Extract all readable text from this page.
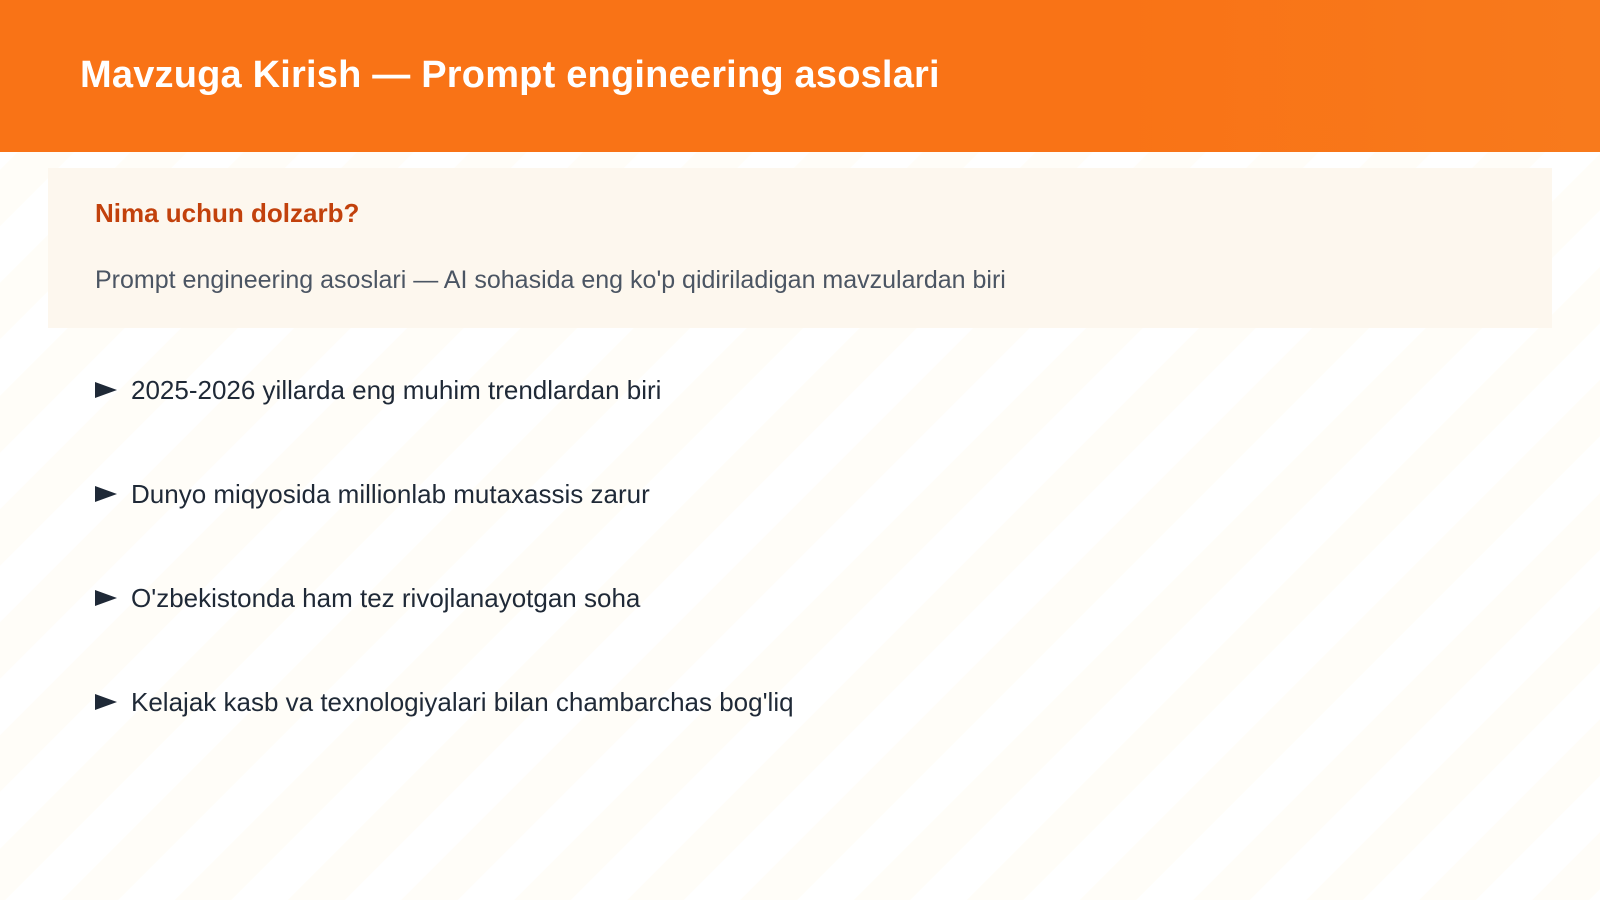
Mavzuga Kirish — Prompt engineering asoslari
Nima uchun dolzarb?

Prompt engineering asoslari — AI sohasida eng ko'p qidiriladigan mavzulardan biri

2025-2026 yillarda eng muhim trendlardan biri
Dunyo miqyosida millionlab mutaxassis zarur
O'zbekistonda ham tez rivojlanayotgan soha
Kelajak kasb va texnologiyalari bilan chambarchas bog'liq
